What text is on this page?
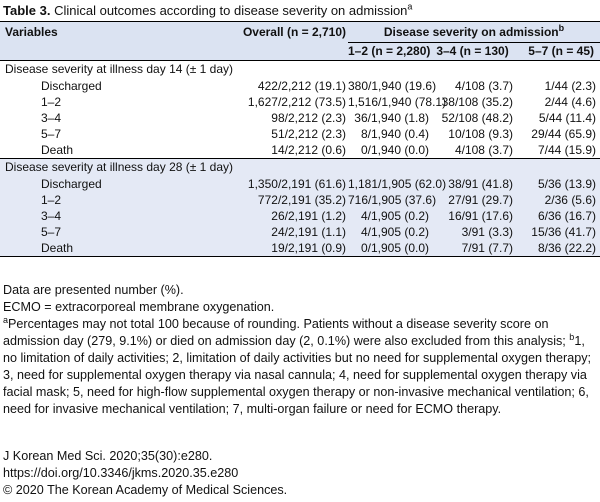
Table 3. Clinical outcomes according to disease severity on admission$^a$
Variables	Overall (n = 2,710)	Disease severity on admission$^b$
		1–2 (n = 2,280)	3–4 (n = 130)	5–7 (n = 45)
Disease severity at illness day 14 (± 1 day)				
Discharged	422/2,212 (19.1)	380/1,940 (19.6)	4/108 (3.7)	1/44 (2.3)
1–2	1,627/2,212 (73.5)	1,516/1,940 (78.1)	38/108 (35.2)	2/44 (4.6)
3–4	98/2,212 (2.3)	36/1,940 (1.8)	52/108 (48.2)	5/44 (11.4)
5–7	51/2,212 (2.3)	8/1,940 (0.4)	10/108 (9.3)	29/44 (65.9)
Death	14/2,212 (0.6)	0/1,940 (0.0)	4/108 (3.7)	7/44 (15.9)
Disease severity at illness day 28 (± 1 day)				
Discharged	1,350/2,191 (61.6)	1,181/1,905 (62.0)	38/91 (41.8)	5/36 (13.9)
1–2	772/2,191 (35.2)	716/1,905 (37.6)	27/91 (29.7)	2/36 (5.6)
3–4	26/2,191 (1.2)	4/1,905 (0.2)	16/91 (17.6)	6/36 (16.7)
5–7	24/2,191 (1.1)	4/1,905 (0.2)	3/91 (3.3)	15/36 (41.7)
Death	19/2,191 (0.9)	0/1,905 (0.0)	7/91 (7.7)	8/36 (22.2)

Data are presented number (%).

ECMO = extracorporeal membrane oxygenation.

$^a$Percentages may not total 100 because of rounding. Patients without a disease severity score on admission day (279, 9.1%) or died on admission day (2, 0.1%) were also excluded from this analysis; $^b$1, no limitation of daily activities; 2, limitation of daily activities but no need for supplemental oxygen therapy; 3, need for supplemental oxygen therapy via nasal cannula; 4, need for supplemental oxygen therapy via facial mask; 5, need for high-flow supplemental oxygen therapy or non-invasive mechanical ventilation; 6, need for invasive mechanical ventilation; 7, multi-organ failure or need for ECMO therapy.

J Korean Med Sci. 2020;35(30):e280.
https://doi.org/10.3346/jkms.2020.35.e280
© 2020 The Korean Academy of Medical Sciences.
